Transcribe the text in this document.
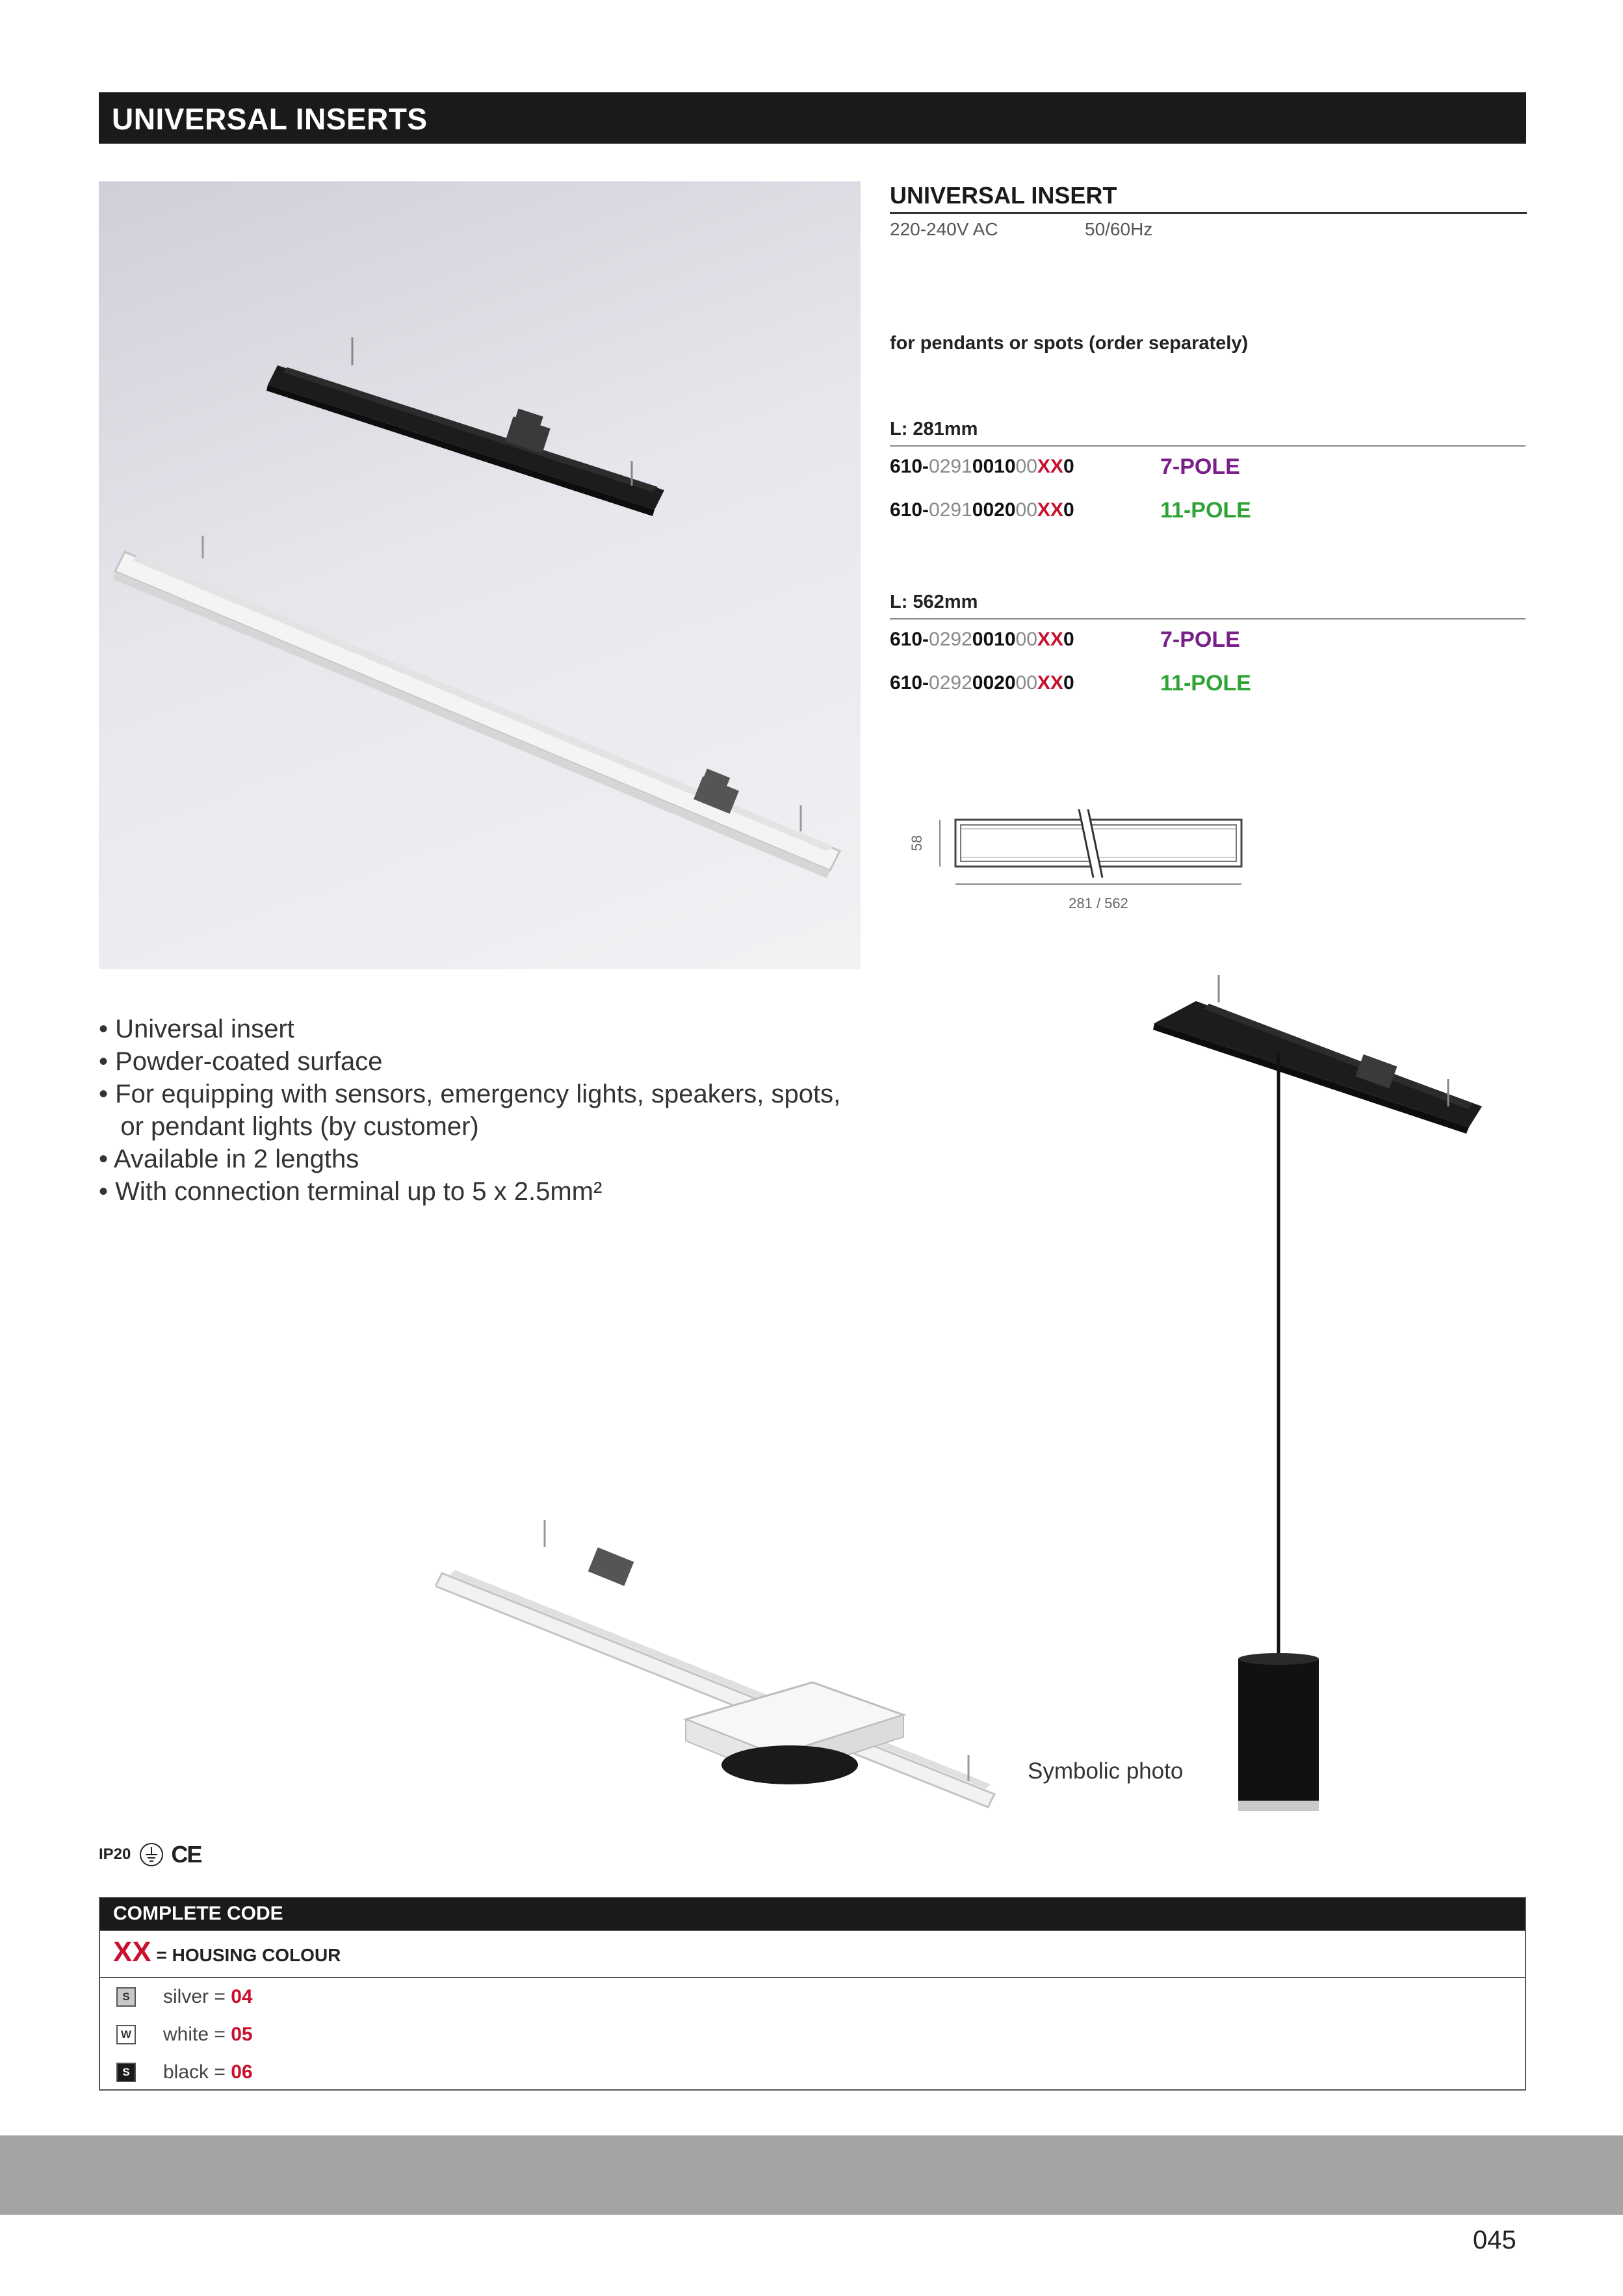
UNIVERSAL INSERTS
UNIVERSAL INSERT
220-240V AC	50/60Hz
for pendants or spots (order separately)
L: 281mm
610-0291001000XX0	7-POLE
610-0291002000XX0	11-POLE
L: 562mm
610-0292001000XX0	7-POLE
610-0292002000XX0	11-POLE
58
281 / 562
• Universal insert
• Powder-coated surface
• For equipping with sensors, emergency lights, speakers, spots,
or pendant lights (by customer)
• Available in 2 lengths
• With connection terminal up to 5 x 2.5mm²
Symbolic photo
IP20 CE
COMPLETE CODE
XX = HOUSING COLOUR
S	silver = 04
W white = 05
S	black = 06
045
